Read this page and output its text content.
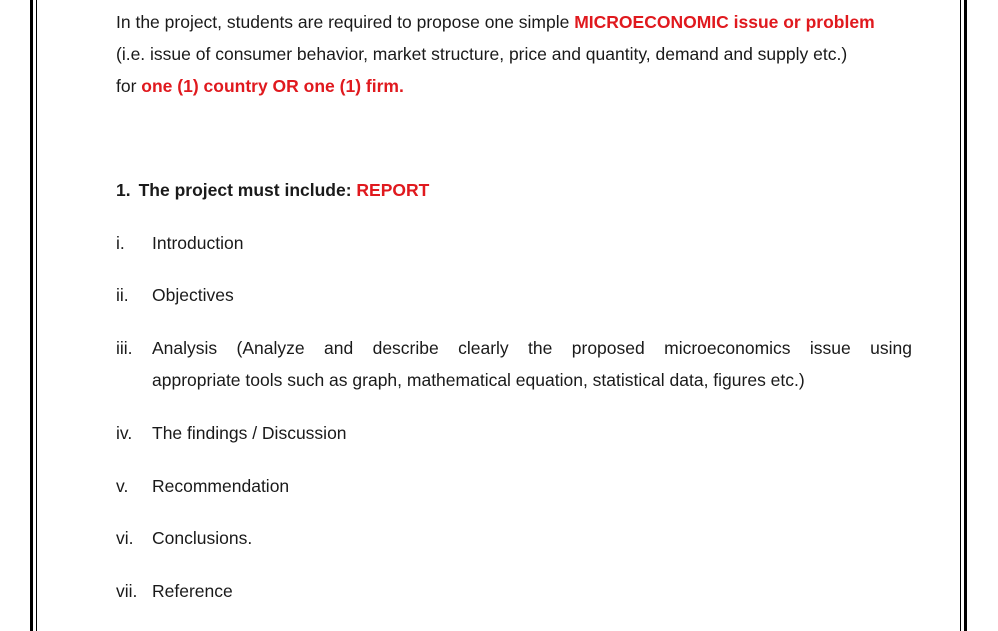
In the project, students are required to propose one simple MICROECONOMIC issue or problem
(i.e. issue of consumer behavior, market structure, price and quantity, demand and supply etc.)
for one (1) country OR one (1) firm.

1. The project must include: REPORT
i.	Introduction
ii.	Objectives
iii.	Analysis (Analyze and describe clearly the proposed microeconomics issue using
appropriate tools such as graph, mathematical equation, statistical data, figures etc.)
iv.	The findings / Discussion
v.	Recommendation
vi.	Conclusions.
vii. Reference
